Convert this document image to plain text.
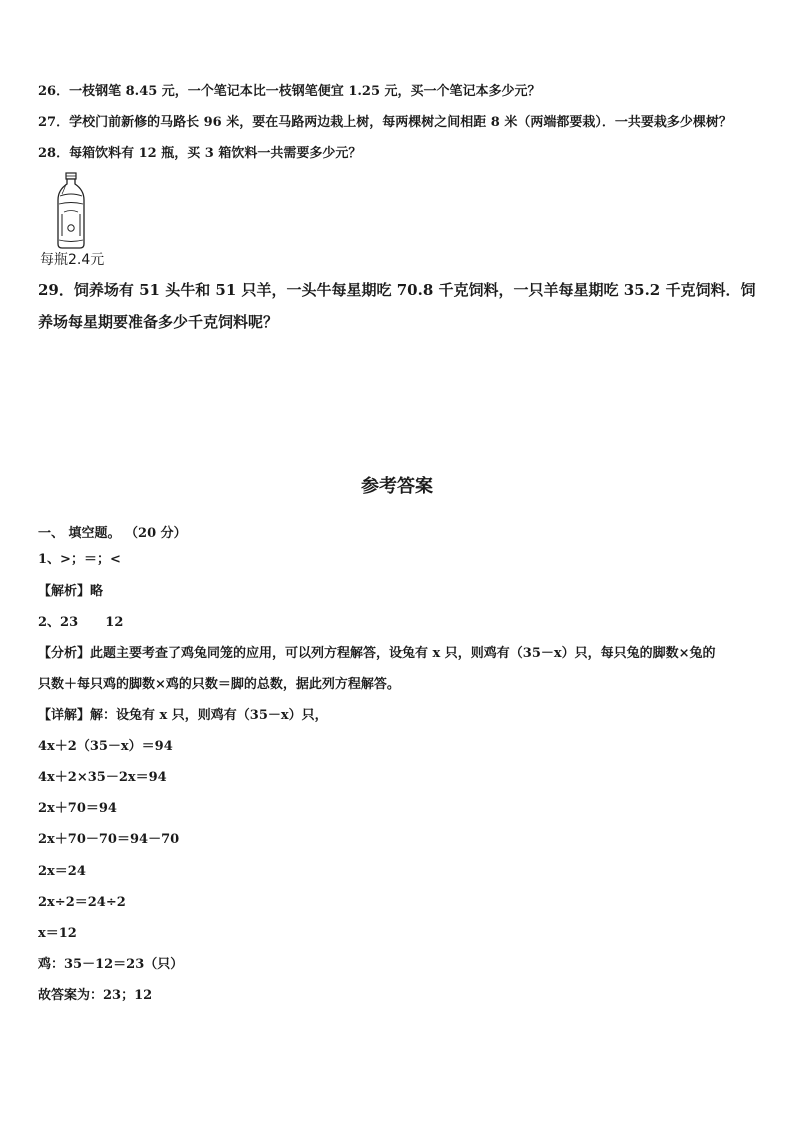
26．一枝钢笔 8.45 元，一个笔记本比一枝钢笔便宜 1.25 元，买一个笔记本多少元？
27．学校门前新修的马路长 96 米，要在马路两边栽上树，每两棵树之间相距 8 米（两端都要栽）．一共要栽多少棵树？
28．每箱饮料有 12 瓶，买 3 箱饮料一共需要多少元？
每瓶2.4元
29．饲养场有 51 头牛和 51 只羊，一头牛每星期吃 70.8 千克饲料，一只羊每星期吃 35.2 千克饲料．饲
养场每星期要准备多少千克饲料呢？
参考答案
一、 填空题。 （20 分）
1、>；＝；<
【解析】略
2、23      12
【分析】此题主要考查了鸡兔同笼的应用，可以列方程解答，设兔有 x 只，则鸡有（35－x）只，每只兔的脚数×兔的
只数＋每只鸡的脚数×鸡的只数＝脚的总数，据此列方程解答。
【详解】解：设兔有 x 只，则鸡有（35－x）只，
4x＋2（35－x）＝94
4x＋2×35－2x＝94
2x＋70＝94
2x＋70－70＝94－70
2x＝24
2x÷2＝24÷2
x＝12
鸡：35－12＝23（只）
故答案为：23；12
